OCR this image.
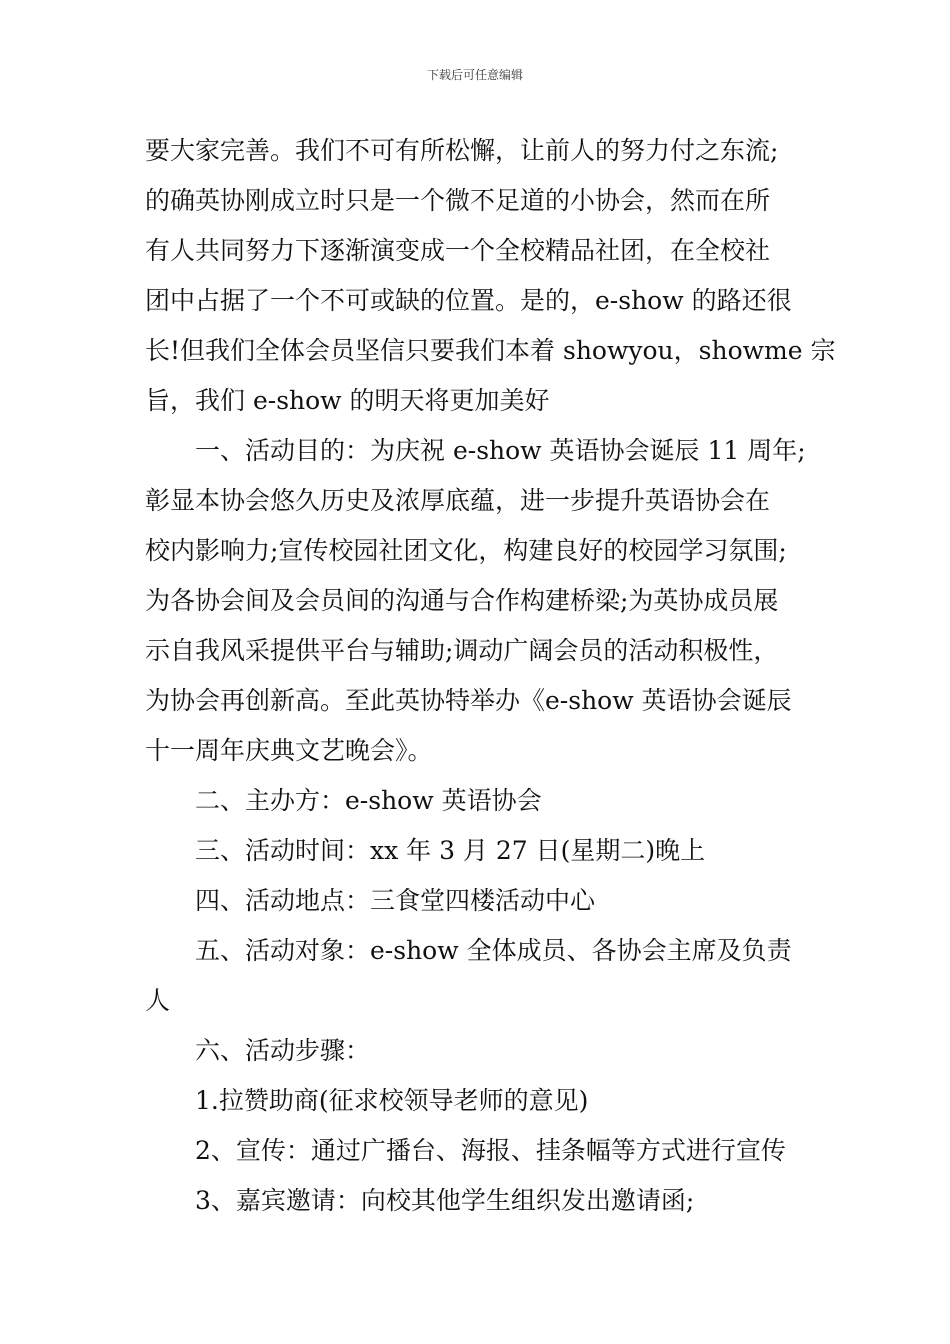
下载后可任意编辑
要大家完善。我们不可有所松懈，让前人的努力付之东流;
的确英协刚成立时只是一个微不足道的小协会，然而在所
有人共同努力下逐渐演变成一个全校精品社团，在全校社
团中占据了一个不可或缺的位置。是的，e-show 的路还很
长!但我们全体会员坚信只要我们本着 showyou，showme 宗
旨，我们 e-show 的明天将更加美好
一、活动目的：为庆祝 e-show 英语协会诞辰 11 周年;
彰显本协会悠久历史及浓厚底蕴，进一步提升英语协会在
校内影响力;宣传校园社团文化，构建良好的校园学习氛围;
为各协会间及会员间的沟通与合作构建桥梁;为英协成员展
示自我风采提供平台与辅助;调动广阔会员的活动积极性，
为协会再创新高。至此英协特举办《e-show 英语协会诞辰
十一周年庆典文艺晚会》。
二、主办方：e-show 英语协会
三、活动时间：xx 年 3 月 27 日(星期二)晚上
四、活动地点：三食堂四楼活动中心
五、活动对象：e-show 全体成员、各协会主席及负责
人
六、活动步骤：
1.拉赞助商(征求校领导老师的意见)
2、宣传：通过广播台、海报、挂条幅等方式进行宣传
3、嘉宾邀请：向校其他学生组织发出邀请函;
